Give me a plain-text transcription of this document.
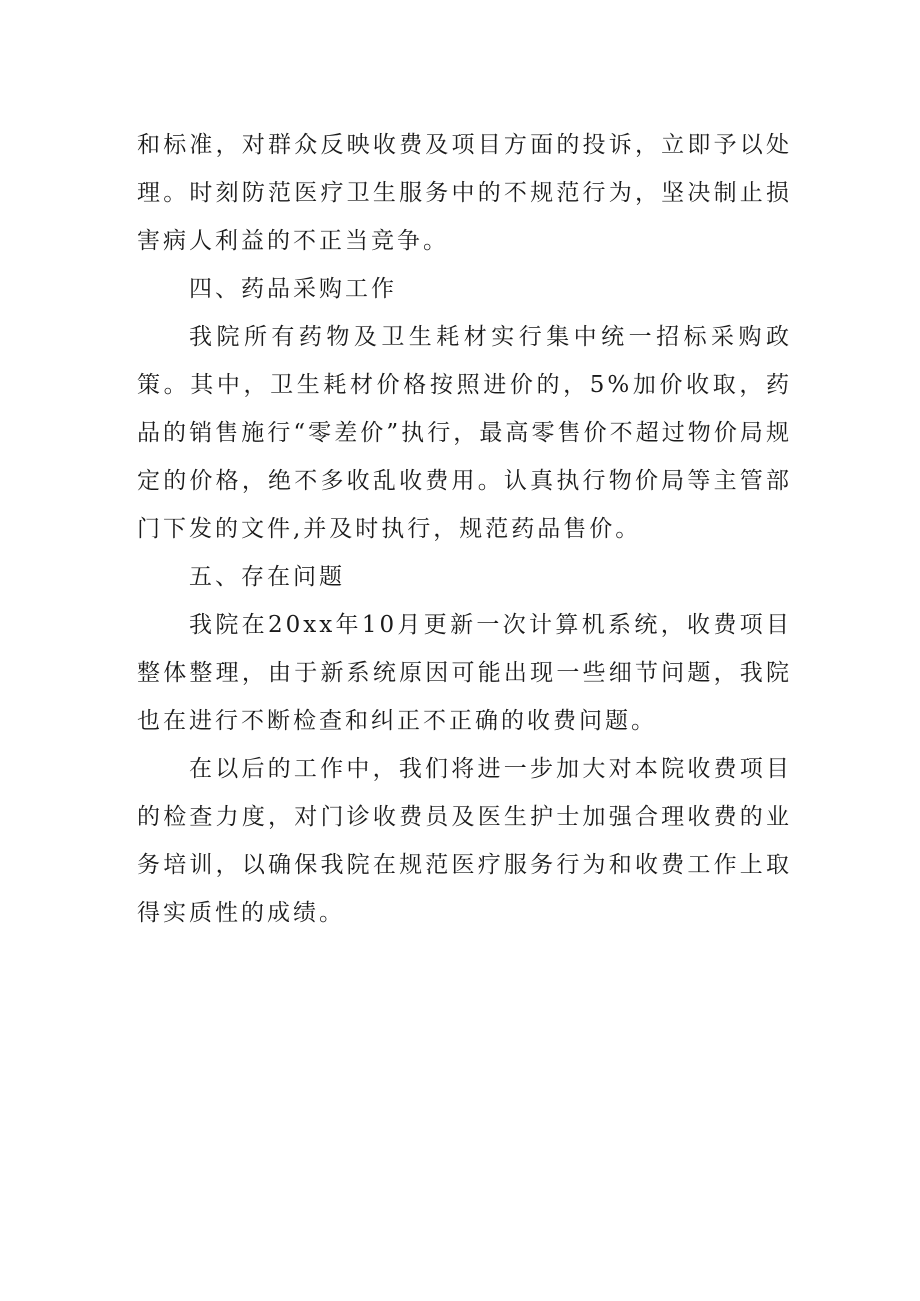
和标准，对群众反映收费及项目方面的投诉，立即予以处理。时刻防范医疗卫生服务中的不规范行为，坚决制止损害病人利益的不正当竞争。

四、药品采购工作

我院所有药物及卫生耗材实行集中统一招标采购政策。其中，卫生耗材价格按照进价的，5%加价收取，药品的销售施行“零差价”执行，最高零售价不超过物价局规定的价格，绝不多收乱收费用。认真执行物价局等主管部门下发的文件,并及时执行，规范药品售价。

五、存在问题

我院在20xx年10月更新一次计算机系统，收费项目整体整理，由于新系统原因可能出现一些细节问题，我院也在进行不断检查和纠正不正确的收费问题。

在以后的工作中，我们将进一步加大对本院收费项目的检查力度，对门诊收费员及医生护士加强合理收费的业务培训，以确保我院在规范医疗服务行为和收费工作上取得实质性的成绩。
